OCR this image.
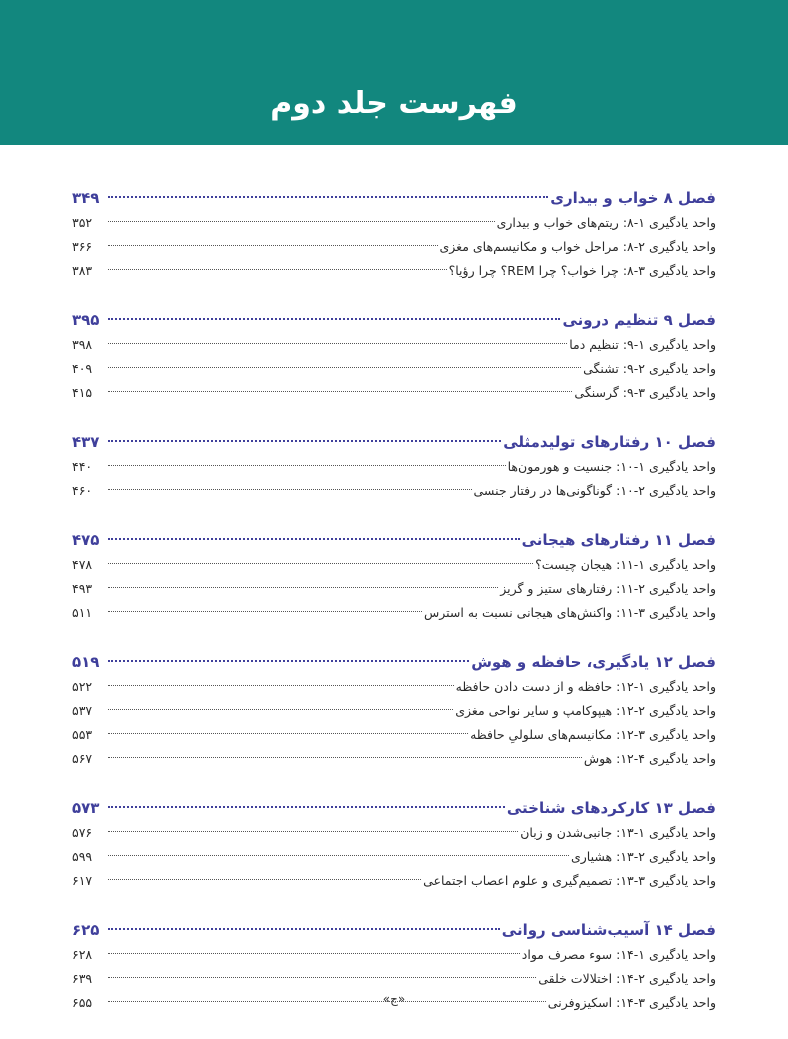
فهرست جلد دوم
فصل ۸ خواب و بیداری
۳۴۹
واحد یادگیری ۱-۸: ریتم‌های خواب و بیداری
۳۵۲
واحد یادگیری ۲-۸: مراحل خواب و مکانیسم‌های مغزی
۳۶۶
واحد یادگیری ۳-۸: چرا خواب؟ چرا REM؟ چرا رؤیا؟
۳۸۳
فصل ۹ تنظیم درونی
۳۹۵
واحد یادگیری ۱-۹: تنظیم دما
۳۹۸
واحد یادگیری ۲-۹: تشنگی
۴۰۹
واحد یادگیری ۳-۹: گرسنگی
۴۱۵
فصل ۱۰ رفتارهای تولیدمثلی
۴۳۷
واحد یادگیری ۱-۱۰: جنسیت و هورمون‌ها
۴۴۰
واحد یادگیری ۲-۱۰: گوناگونی‌ها در رفتار جنسی
۴۶۰
فصل ۱۱ رفتارهای هیجانی
۴۷۵
واحد یادگیری ۱-۱۱: هیجان چیست؟
۴۷۸
واحد یادگیری ۲-۱۱: رفتارهای ستیز و گریز
۴۹۳
واحد یادگیری ۳-۱۱: واکنش‌های هیجانی نسبت به استرس
۵۱۱
فصل ۱۲ یادگیری، حافظه و هوش
۵۱۹
واحد یادگیری ۱-۱۲: حافظه و از دست دادن حافظه
۵۲۲
واحد یادگیری ۲-۱۲: هیپوکامپ و سایر نواحی مغزی
۵۳۷
واحد یادگیری ۳-۱۲: مکانیسم‌های سلولیِ حافظه
۵۵۳
واحد یادگیری ۴-۱۲: هوش
۵۶۷
فصل ۱۳ کارکردهای شناختی
۵۷۳
واحد یادگیری ۱-۱۳: جانبی‌شدن و زبان
۵۷۶
واحد یادگیری ۲-۱۳: هشیاری
۵۹۹
واحد یادگیری ۳-۱۳: تصمیم‌گیری و علوم اعصاب اجتماعی
۶۱۷
فصل ۱۴ آسیب‌شناسی روانی
۶۲۵
واحد یادگیری ۱-۱۴: سوء مصرف مواد
۶۲۸
واحد یادگیری ۲-۱۴: اختلالات خلقی
۶۳۹
واحد یادگیری ۳-۱۴: اسکیزوفرنی
۶۵۵	«ج»
